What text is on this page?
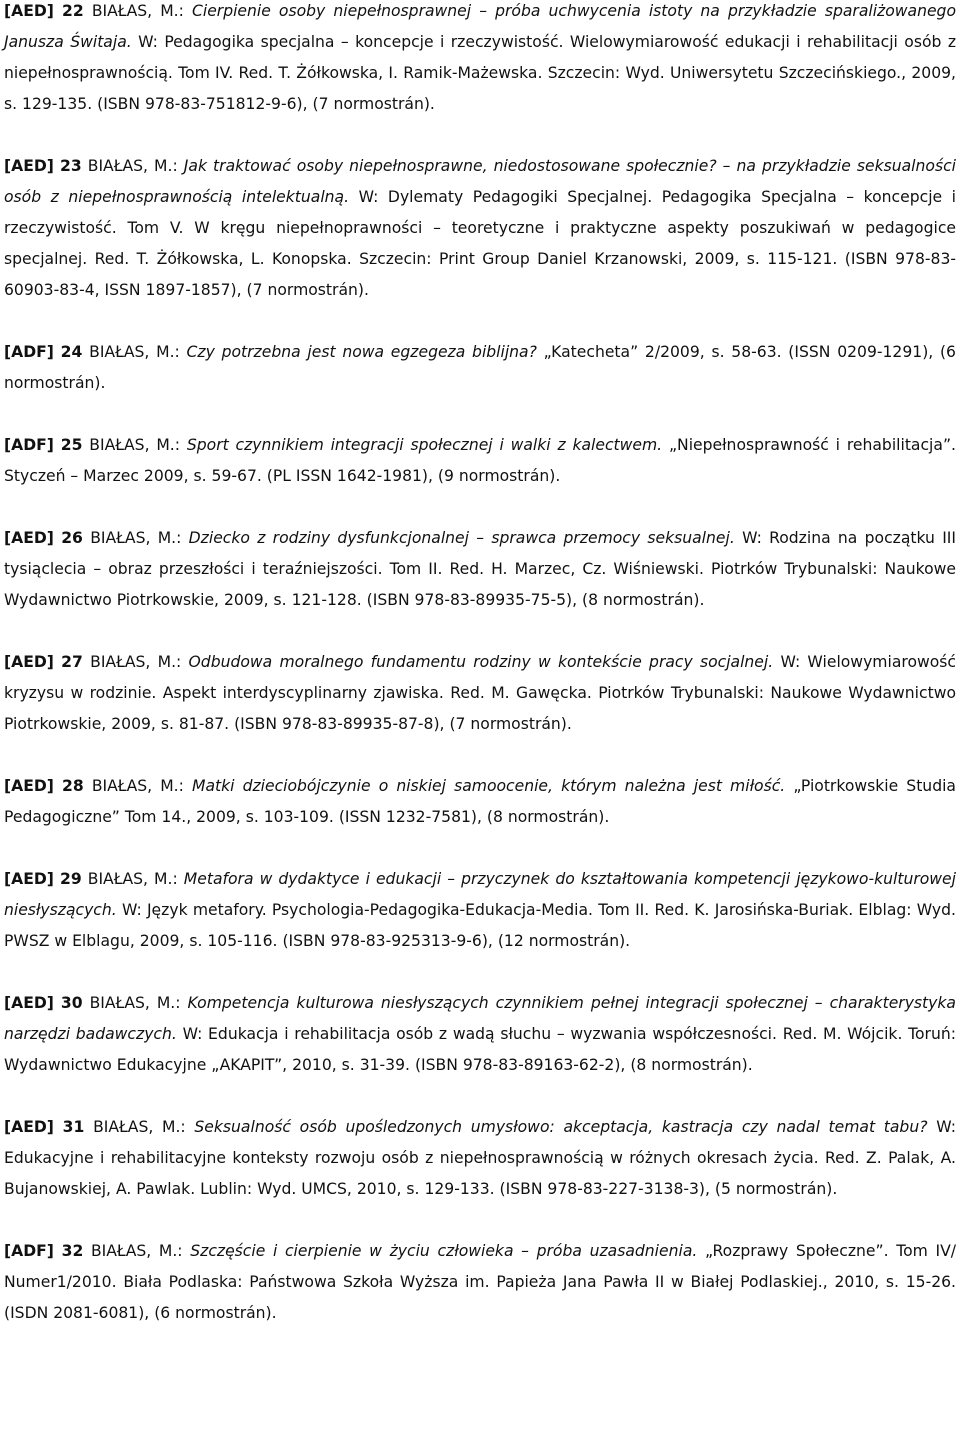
[AED] 22 BIAŁAS, M.: Cierpienie osoby niepełnosprawnej – próba uchwycenia istoty na przykładzie sparaliżowanego Janusza Świtaja. W: Pedagogika specjalna – koncepcje i rzeczywistość. Wielowymiarowość edukacji i rehabilitacji osób z niepełnosprawnością. Tom IV. Red. T. Żółkowska, I. Ramik-Mażewska. Szczecin: Wyd. Uniwersytetu Szczecińskiego., 2009, s. 129-135. (ISBN 978-83-751812-9-6), (7 normostrán).

[AED] 23 BIAŁAS, M.: Jak traktować osoby niepełnosprawne, niedostosowane społecznie? – na przykładzie seksualności osób z niepełnosprawnością intelektualną. W: Dylematy Pedagogiki Specjalnej. Pedagogika Specjalna – koncepcje i rzeczywistość. Tom V. W kręgu niepełnoprawności – teoretyczne i praktyczne aspekty poszukiwań w pedagogice specjalnej. Red. T. Żółkowska, L. Konopska. Szczecin: Print Group Daniel Krzanowski, 2009, s. 115-121. (ISBN 978-83-60903-83-4, ISSN 1897-1857), (7 normostrán).

[ADF] 24 BIAŁAS, M.: Czy potrzebna jest nowa egzegeza biblijna? „Katecheta” 2/2009, s. 58-63. (ISSN 0209-1291), (6 normostrán).

[ADF] 25 BIAŁAS, M.: Sport czynnikiem integracji społecznej i walki z kalectwem. „Niepełnosprawność i rehabilitacja”. Styczeń – Marzec 2009, s. 59-67. (PL ISSN 1642-1981), (9 normostrán).

[AED] 26 BIAŁAS, M.: Dziecko z rodziny dysfunkcjonalnej – sprawca przemocy seksualnej. W: Rodzina na początku III tysiąclecia – obraz przeszłości i teraźniejszości. Tom II. Red. H. Marzec, Cz. Wiśniewski. Piotrków Trybunalski: Naukowe Wydawnictwo Piotrkowskie, 2009, s. 121-128. (ISBN 978-83-89935-75-5), (8 normostrán).

[AED] 27 BIAŁAS, M.: Odbudowa moralnego fundamentu rodziny w kontekście pracy socjalnej. W: Wielowymiarowość kryzysu w rodzinie. Aspekt interdyscyplinarny zjawiska. Red. M. Gawęcka. Piotrków Trybunalski: Naukowe Wydawnictwo Piotrkowskie, 2009, s. 81-87. (ISBN 978-83-89935-87-8), (7 normostrán).

[AED] 28 BIAŁAS, M.: Matki dzieciobójczynie o niskiej samoocenie, którym należna jest miłość. „Piotrkowskie Studia Pedagogiczne” Tom 14., 2009, s. 103-109. (ISSN 1232-7581), (8 normostrán).

[AED] 29 BIAŁAS, M.: Metafora w dydaktyce i edukacji – przyczynek do kształtowania kompetencji językowo-kulturowej niesłyszących. W: Język metafory. Psychologia-Pedagogika-Edukacja-Media. Tom II. Red. K. Jarosińska-Buriak. Elblag: Wyd. PWSZ w Elblagu, 2009, s. 105-116. (ISBN 978-83-925313-9-6), (12 normostrán).

[AED] 30 BIAŁAS, M.: Kompetencja kulturowa niesłyszących czynnikiem pełnej integracji społecznej – charakterystyka narzędzi badawczych. W: Edukacja i rehabilitacja osób z wadą słuchu – wyzwania współczesności. Red. M. Wójcik. Toruń: Wydawnictwo Edukacyjne „AKAPIT”, 2010, s. 31-39. (ISBN 978-83-89163-62-2), (8 normostrán).

[AED] 31 BIAŁAS, M.: Seksualność osób upośledzonych umysłowo: akceptacja, kastracja czy nadal temat tabu? W: Edukacyjne i rehabilitacyjne konteksty rozwoju osób z niepełnosprawnością w różnych okresach życia. Red. Z. Palak, A. Bujanowskiej, A. Pawlak. Lublin: Wyd. UMCS, 2010, s. 129-133. (ISBN 978-83-227-3138-3), (5 normostrán).

[ADF] 32 BIAŁAS, M.: Szczęście i cierpienie w życiu człowieka – próba uzasadnienia. „Rozprawy Społeczne”. Tom IV/ Numer1/2010. Biała Podlaska: Państwowa Szkoła Wyższa im. Papieża Jana Pawła II w Białej Podlaskiej., 2010, s. 15-26. (ISDN 2081-6081), (6 normostrán).
